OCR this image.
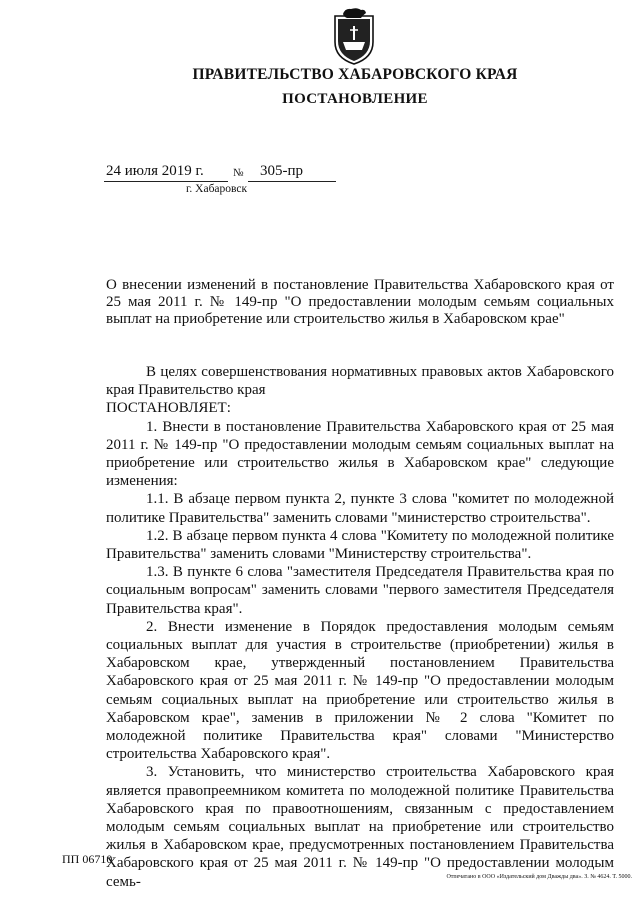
ПРАВИТЕЛЬСТВО ХАБАРОВСКОГО КРАЯ
ПОСТАНОВЛЕНИЕ
24 июля 2019 г.	№ 305-пр
г. Хабаровск
О внесении изменений в постановление Правительства Хабаровского края от 25 мая 2011 г. № 149-пр "О предоставлении молодым семьям социальных выплат на приобретение или строительство жилья в Хабаровском крае"

В целях совершенствования нормативных правовых актов Хабаровского края Правительство края

ПОСТАНОВЛЯЕТ:

1. Внести в постановление Правительства Хабаровского края от 25 мая 2011 г. № 149-пр "О предоставлении молодым семьям социальных выплат на приобретение или строительство жилья в Хабаровском крае" следующие изменения:

1.1. В абзаце первом пункта 2, пункте 3 слова "комитет по молодежной политике Правительства" заменить словами "министерство строительства".

1.2. В абзаце первом пункта 4 слова "Комитету по молодежной политике Правительства" заменить словами "Министерству строительства".

1.3. В пункте 6 слова "заместителя Председателя Правительства края по социальным вопросам" заменить словами "первого заместителя Председателя Правительства края".

2. Внести изменение в Порядок предоставления молодым семьям социальных выплат для участия в строительстве (приобретении) жилья в Хабаровском крае, утвержденный постановлением Правительства Хабаровского края от 25 мая 2011 г. № 149-пр "О предоставлении молодым семьям социальных выплат на приобретение или строительство жилья в Хабаровском крае", заменив в приложении № 2 слова "Комитет по молодежной политике Правительства края" словами "Министерство строительства Хабаровского края".

3. Установить, что министерство строительства Хабаровского края является правопреемником комитета по молодежной политике Правительства Хабаровского края по правоотношениям, связанным с предоставлением молодым семьям социальных выплат на приобретение или строительство жилья в Хабаровском крае, предусмотренных постановлением Правительства Хабаровского края от 25 мая 2011 г. № 149-пр "О предоставлении молодым семь-

ПП 06710
Отпечатано в ООО «Издательский дом Дважды два». З. № 4624. Т. 5000.
